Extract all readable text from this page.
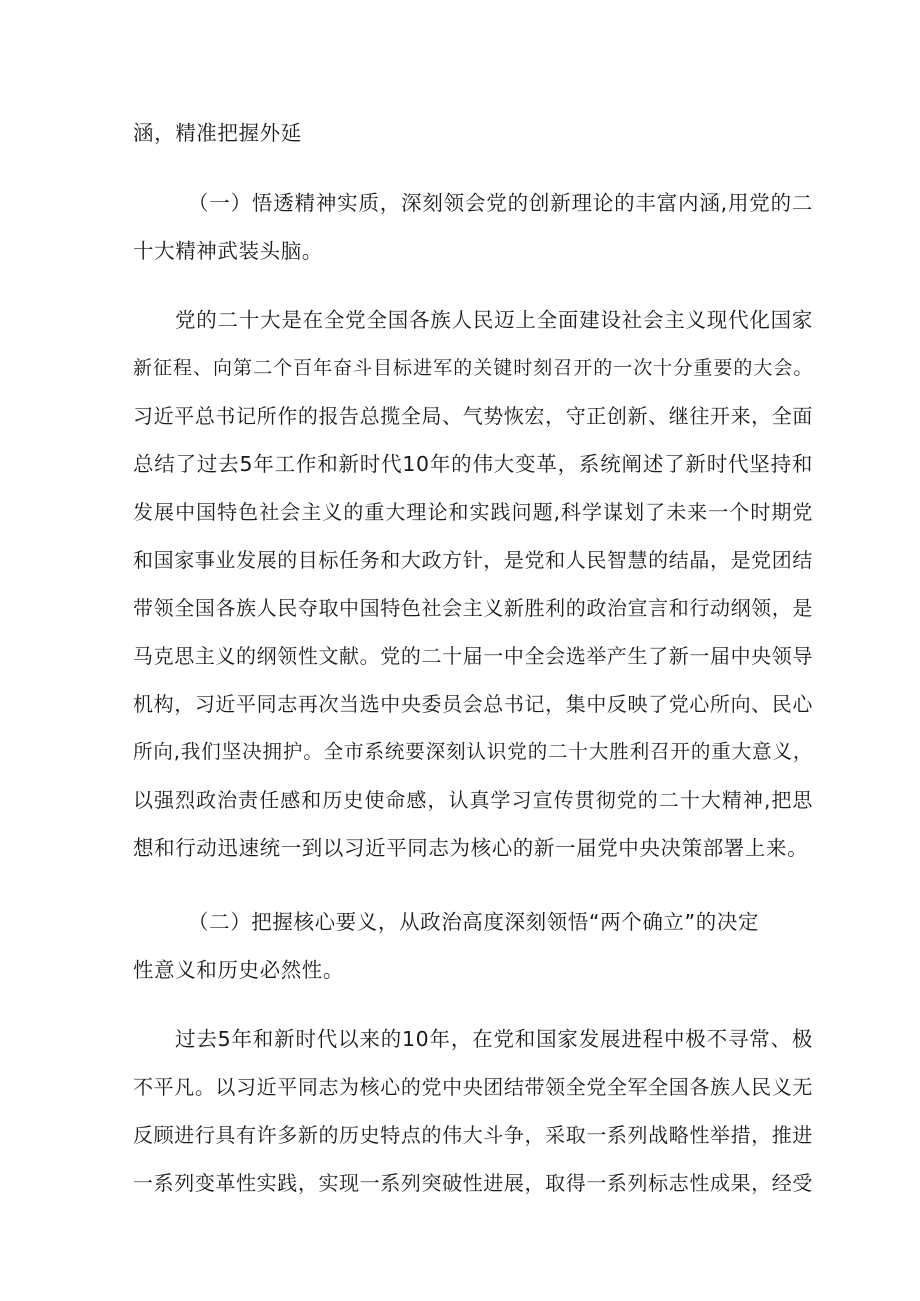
涵，精准把握外延
（一）悟透精神实质，深刻领会党的创新理论的丰富内涵,用党的二
十大精神武装头脑。
党的二十大是在全党全国各族人民迈上全面建设社会主义现代化国家
新征程、向第二个百年奋斗目标进军的关键时刻召开的一次十分重要的大会。
习近平总书记所作的报告总揽全局、气势恢宏，守正创新、继往开来，全面
总结了过去5年工作和新时代10年的伟大变革，系统阐述了新时代坚持和
发展中国特色社会主义的重大理论和实践问题,科学谋划了未来一个时期党
和国家事业发展的目标任务和大政方针，是党和人民智慧的结晶，是党团结
带领全国各族人民夺取中国特色社会主义新胜利的政治宣言和行动纲领，是
马克思主义的纲领性文献。党的二十届一中全会选举产生了新一届中央领导
机构，习近平同志再次当选中央委员会总书记，集中反映了党心所向、民心
所向,我们坚决拥护。全市系统要深刻认识党的二十大胜利召开的重大意义，
以强烈政治责任感和历史使命感，认真学习宣传贯彻党的二十大精神,把思
想和行动迅速统一到以习近平同志为核心的新一届党中央决策部署上来。
（二）把握核心要义，从政治高度深刻领悟“两个确立”的决定
性意义和历史必然性。
过去5年和新时代以来的10年，在党和国家发展进程中极不寻常、极
不平凡。以习近平同志为核心的党中央团结带领全党全军全国各族人民义无
反顾进行具有许多新的历史特点的伟大斗争，采取一系列战略性举措，推进
一系列变革性实践，实现一系列突破性进展，取得一系列标志性成果，经受
